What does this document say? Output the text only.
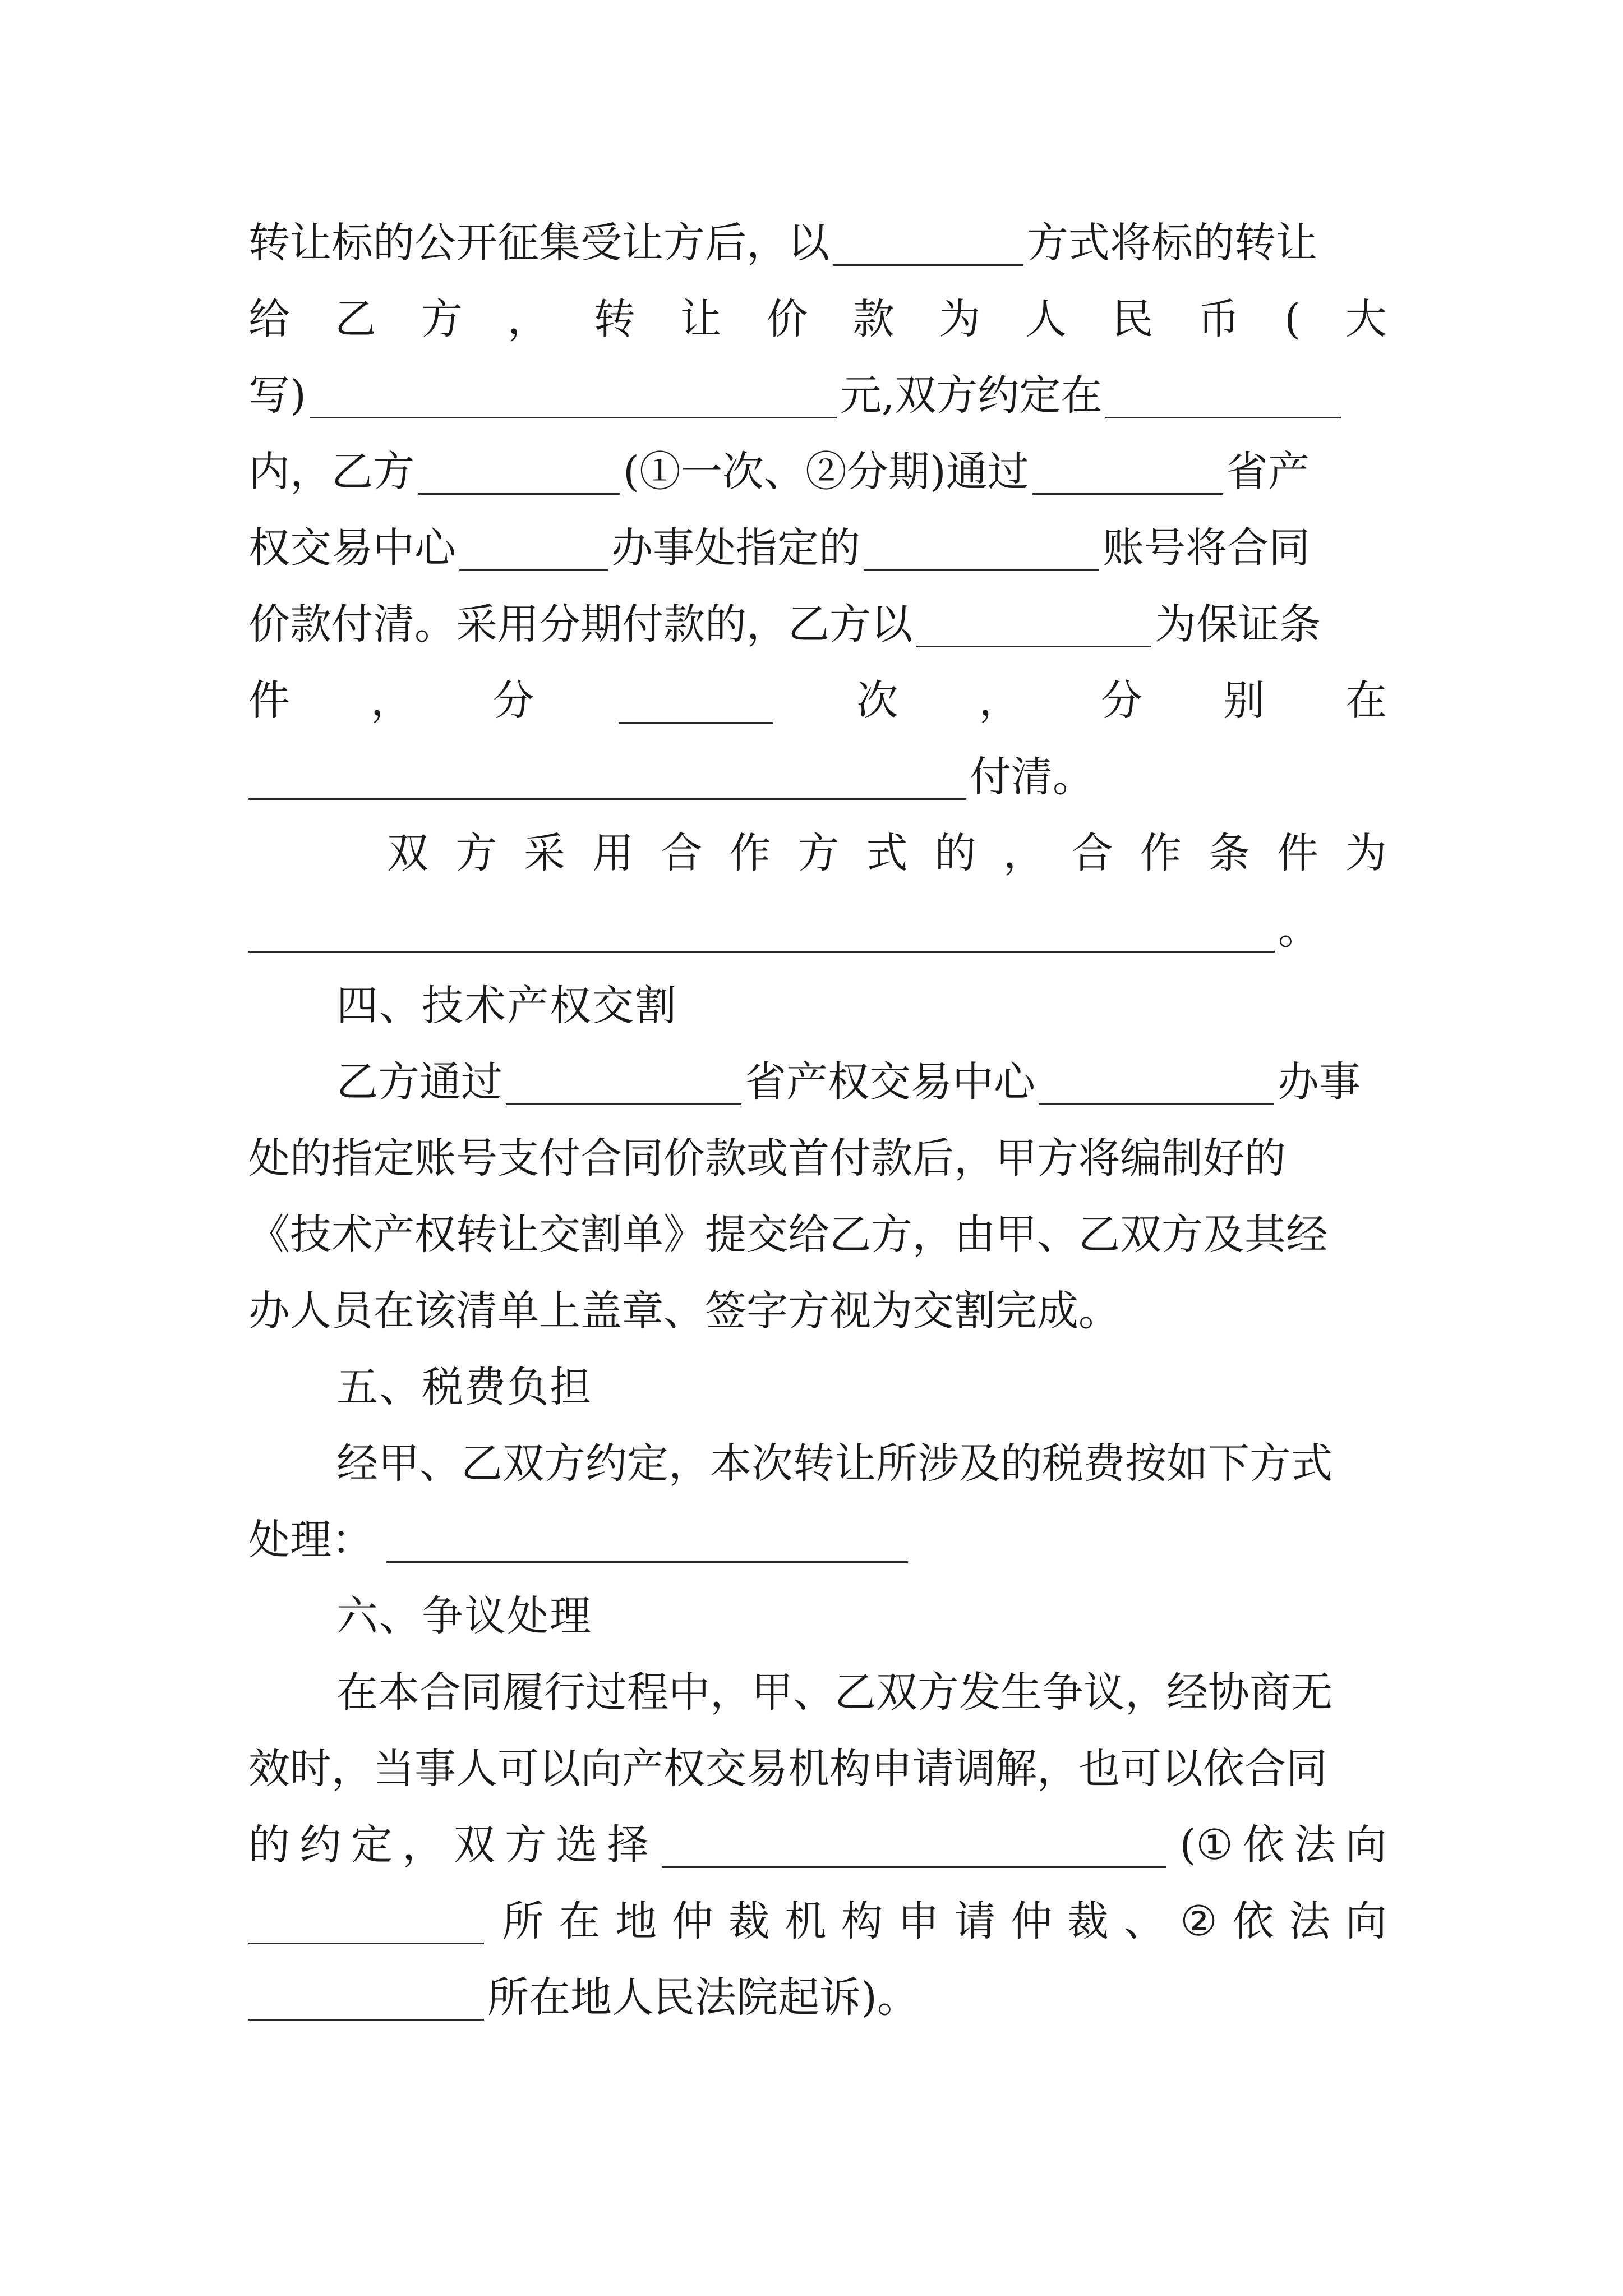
转让标的公开征集受让方后，以	方式将标的转让
给 乙 方 ， 转 让 价 款 为 人 民 币 ( 大
写)	元,双方约定在
内，乙方	(①一次、②分期)通过	省产
权交易中心	办事处指定的	账号将合同
价款付清。采用分期付款的，乙方以	为保证条
件 ， 分	次 ， 分 别 在
付清。
双 方 采 用 合 作 方 式 的 ， 合 作 条 件 为
。
四、技术产权交割
乙方通过	省产权交易中心	办事
处的指定账号支付合同价款或首付款后，甲方将编制好的
《技术产权转让交割单》提交给乙方，由甲、乙双方及其经
办人员在该清单上盖章、签字方视为交割完成。
五、税费负担
经甲、乙双方约定，本次转让所涉及的税费按如下方式
处理：
六、争议处理
在本合同履行过程中，甲、乙双方发生争议，经协商无
效时，当事人可以向产权交易机构申请调解，也可以依合同
的 约 定 ， 双 方 选 择	(① 依 法 向
所 在 地 仲 裁 机 构 申 请 仲 裁 、 ② 依 法 向
所在地人民法院起诉)。
